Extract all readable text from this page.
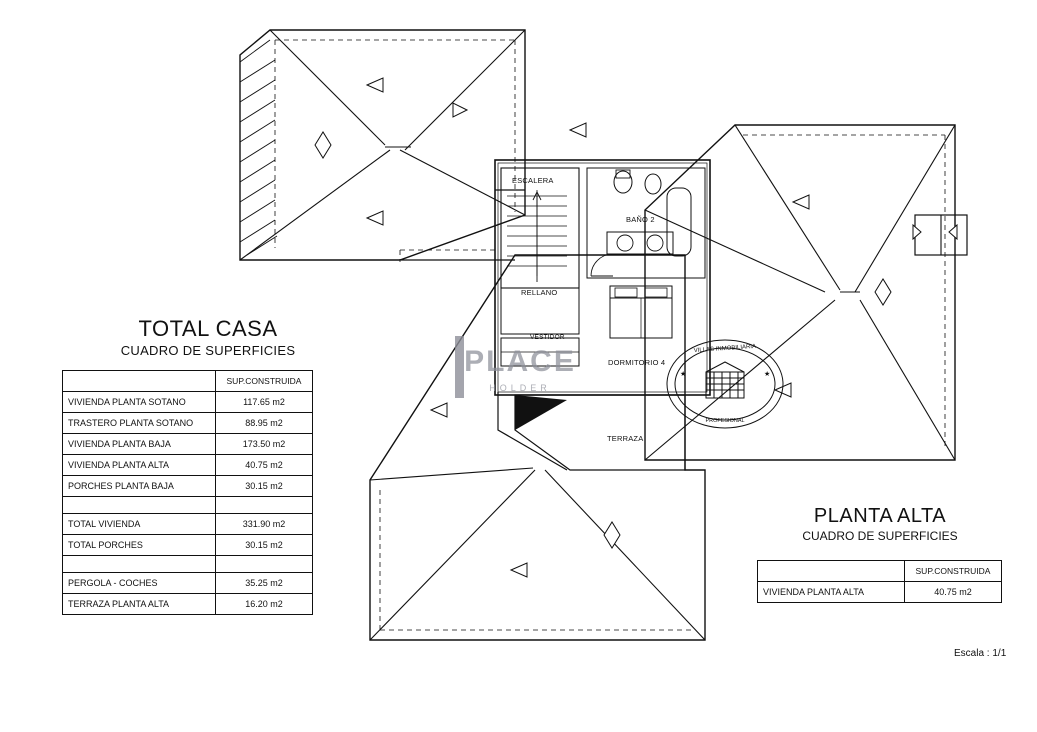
ESCALERA
BAÑO 2
RELLANO
VESTIDOR
DORMITORIO 4
TERRAZA
PLACE
HOLDER
VILLAS INMOBILIARIA
PROFESIONAL
★	★
TOTAL CASA
CUADRO DE SUPERFICIES
	SUP.CONSTRUIDA
VIVIENDA PLANTA SOTANO	117.65 m2
TRASTERO PLANTA SOTANO	88.95 m2
VIVIENDA PLANTA BAJA	173.50 m2
VIVIENDA PLANTA ALTA	40.75 m2
PORCHES PLANTA BAJA	30.15 m2

TOTAL VIVIENDA	331.90 m2
TOTAL PORCHES	30.15 m2

PERGOLA - COCHES	35.25 m2
TERRAZA PLANTA ALTA	16.20 m2
PLANTA ALTA
CUADRO DE SUPERFICIES
	SUP.CONSTRUIDA
VIVIENDA PLANTA ALTA	40.75 m2
Escala : 1/1
